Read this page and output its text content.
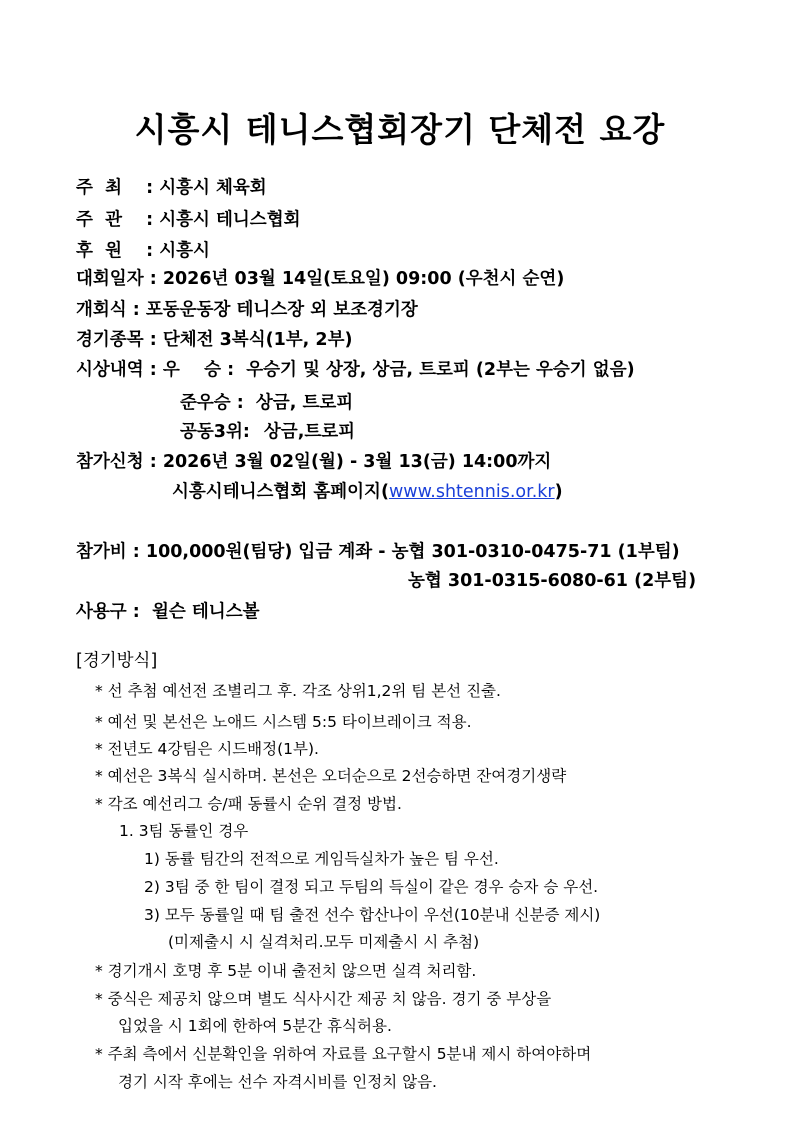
시흥시 테니스협회장기 단체전 요강
주  최 : 시흥시 체육회
주  관 : 시흥시 테니스협회
후  원 : 시흥시
대회일자 : 2026년 03월 14일(토요일) 09:00 (우천시 순연)
개회식 : 포동운동장 테니스장 외 보조경기장
경기종목 : 단체전 3복식(1부, 2부)
시상내역 : 우    승 : 우승기 및 상장, 상금, 트로피 (2부는 우승기 없음)
준우승 : 상금, 트로피
공동3위: 상금,트로피
참가신청 : 2026년 3월 02일(월) - 3월 13(금) 14:00까지
시흥시테니스협회 홈페이지(www.shtennis.or.kr)
참가비 : 100,000원(팀당) 입금 계좌 - 농협 301-0310-0475-71 (1부팀)
농협 301-0315-6080-61 (2부팀)
사용구 :  윌슨 테니스볼
[경기방식]
* 선 추첨 예선전 조별리그 후. 각조 상위1,2위 팀 본선 진출.
* 예선 및 본선은 노애드 시스템 5:5 타이브레이크 적용.
* 전년도 4강팀은 시드배정(1부).
* 예선은 3복식 실시하며. 본선은 오더순으로 2선승하면 잔여경기생략
* 각조 예선리그 승/패 동률시 순위 결정 방법.
1. 3팀 동률인 경우
1) 동률 팀간의 전적으로 게임득실차가 높은 팀 우선.
2) 3팀 중 한 팀이 결정 되고 두팀의 득실이 같은 경우 승자 승 우선.
3) 모두 동률일 때 팀 출전 선수 합산나이 우선(10분내 신분증 제시)
(미제출시 시 실격처리.모두 미제출시 시 추첨)
* 경기개시 호명 후 5분 이내 출전치 않으면 실격 처리함.
* 중식은 제공치 않으며 별도 식사시간 제공 치 않음. 경기 중 부상을
입었을 시 1회에 한하여 5분간 휴식허용.
* 주최 측에서 신분확인을 위하여 자료를 요구할시 5분내 제시 하여야하며
경기 시작 후에는 선수 자격시비를 인정치 않음.
